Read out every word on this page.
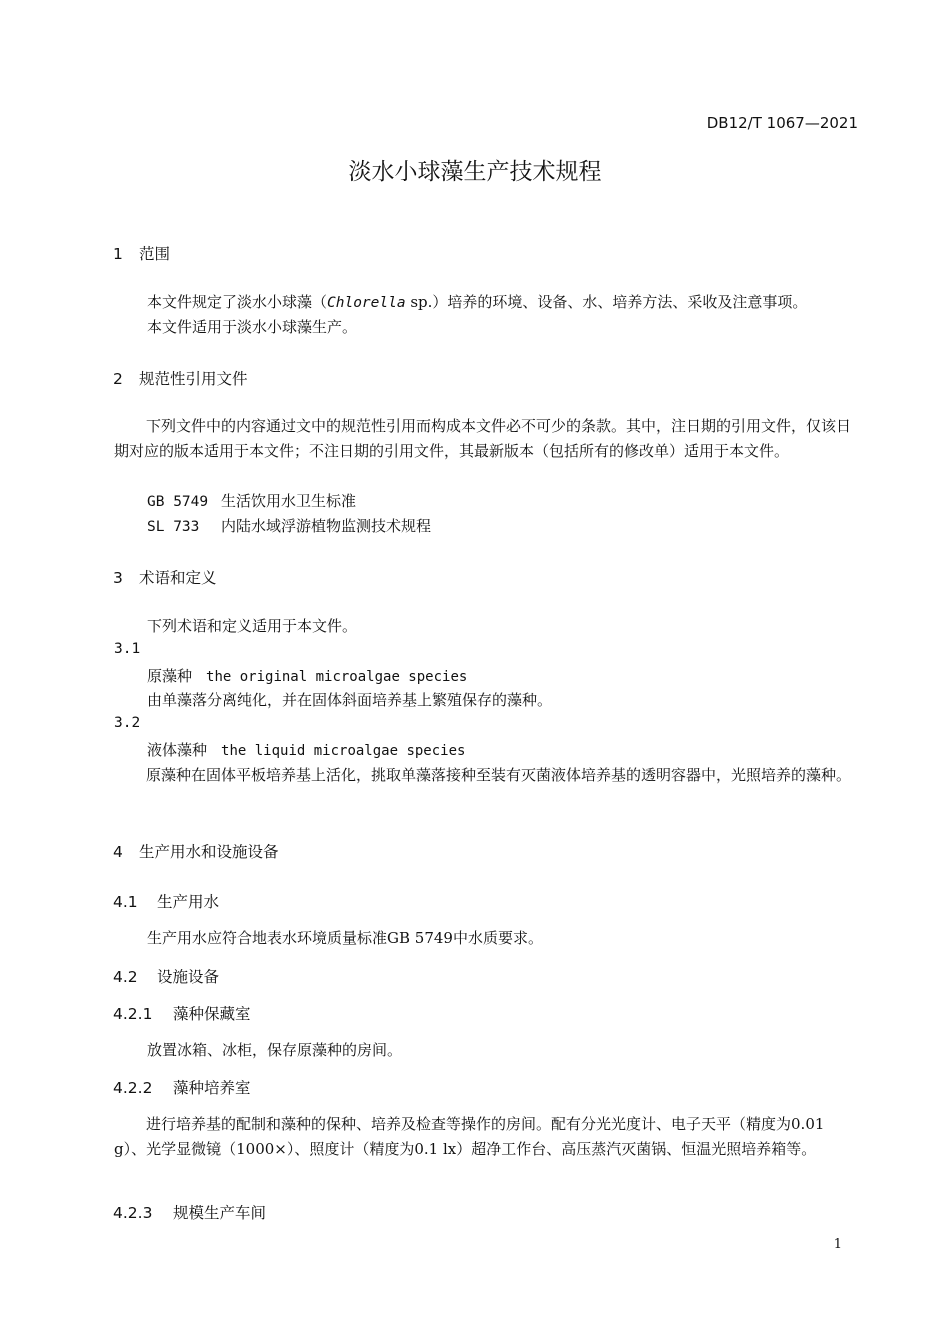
DB12/T 1067—2021
淡水小球藻生产技术规程
1 范围
本文件规定了淡水小球藻（Chlorella sp.）培养的环境、设备、水、培养方法、采收及注意事项。
本文件适用于淡水小球藻生产。
2 规范性引用文件
下列文件中的内容通过文中的规范性引用而构成本文件必不可少的条款。其中，注日期的引用文件，仅该日期对应的版本适用于本文件；不注日期的引用文件，其最新版本（包括所有的修改单）适用于本文件。
GB 5749 生活饮用水卫生标准
SL 733 内陆水域浮游植物监测技术规程
3 术语和定义
下列术语和定义适用于本文件。
3.1
原藻种 the original microalgae species
由单藻落分离纯化，并在固体斜面培养基上繁殖保存的藻种。
3.2
液体藻种 the liquid microalgae species
原藻种在固体平板培养基上活化，挑取单藻落接种至装有灭菌液体培养基的透明容器中，光照培养的藻种。
4 生产用水和设施设备
4.1 生产用水
生产用水应符合地表水环境质量标准GB 5749中水质要求。
4.2 设施设备
4.2.1 藻种保藏室
放置冰箱、冰柜，保存原藻种的房间。
4.2.2 藻种培养室
进行培养基的配制和藻种的保种、培养及检查等操作的房间。配有分光光度计、电子天平（精度为0.01 g）、光学显微镜（1000×）、照度计（精度为0.1 lx）超净工作台、高压蒸汽灭菌锅、恒温光照培养箱等。
4.2.3 规模生产车间
1
